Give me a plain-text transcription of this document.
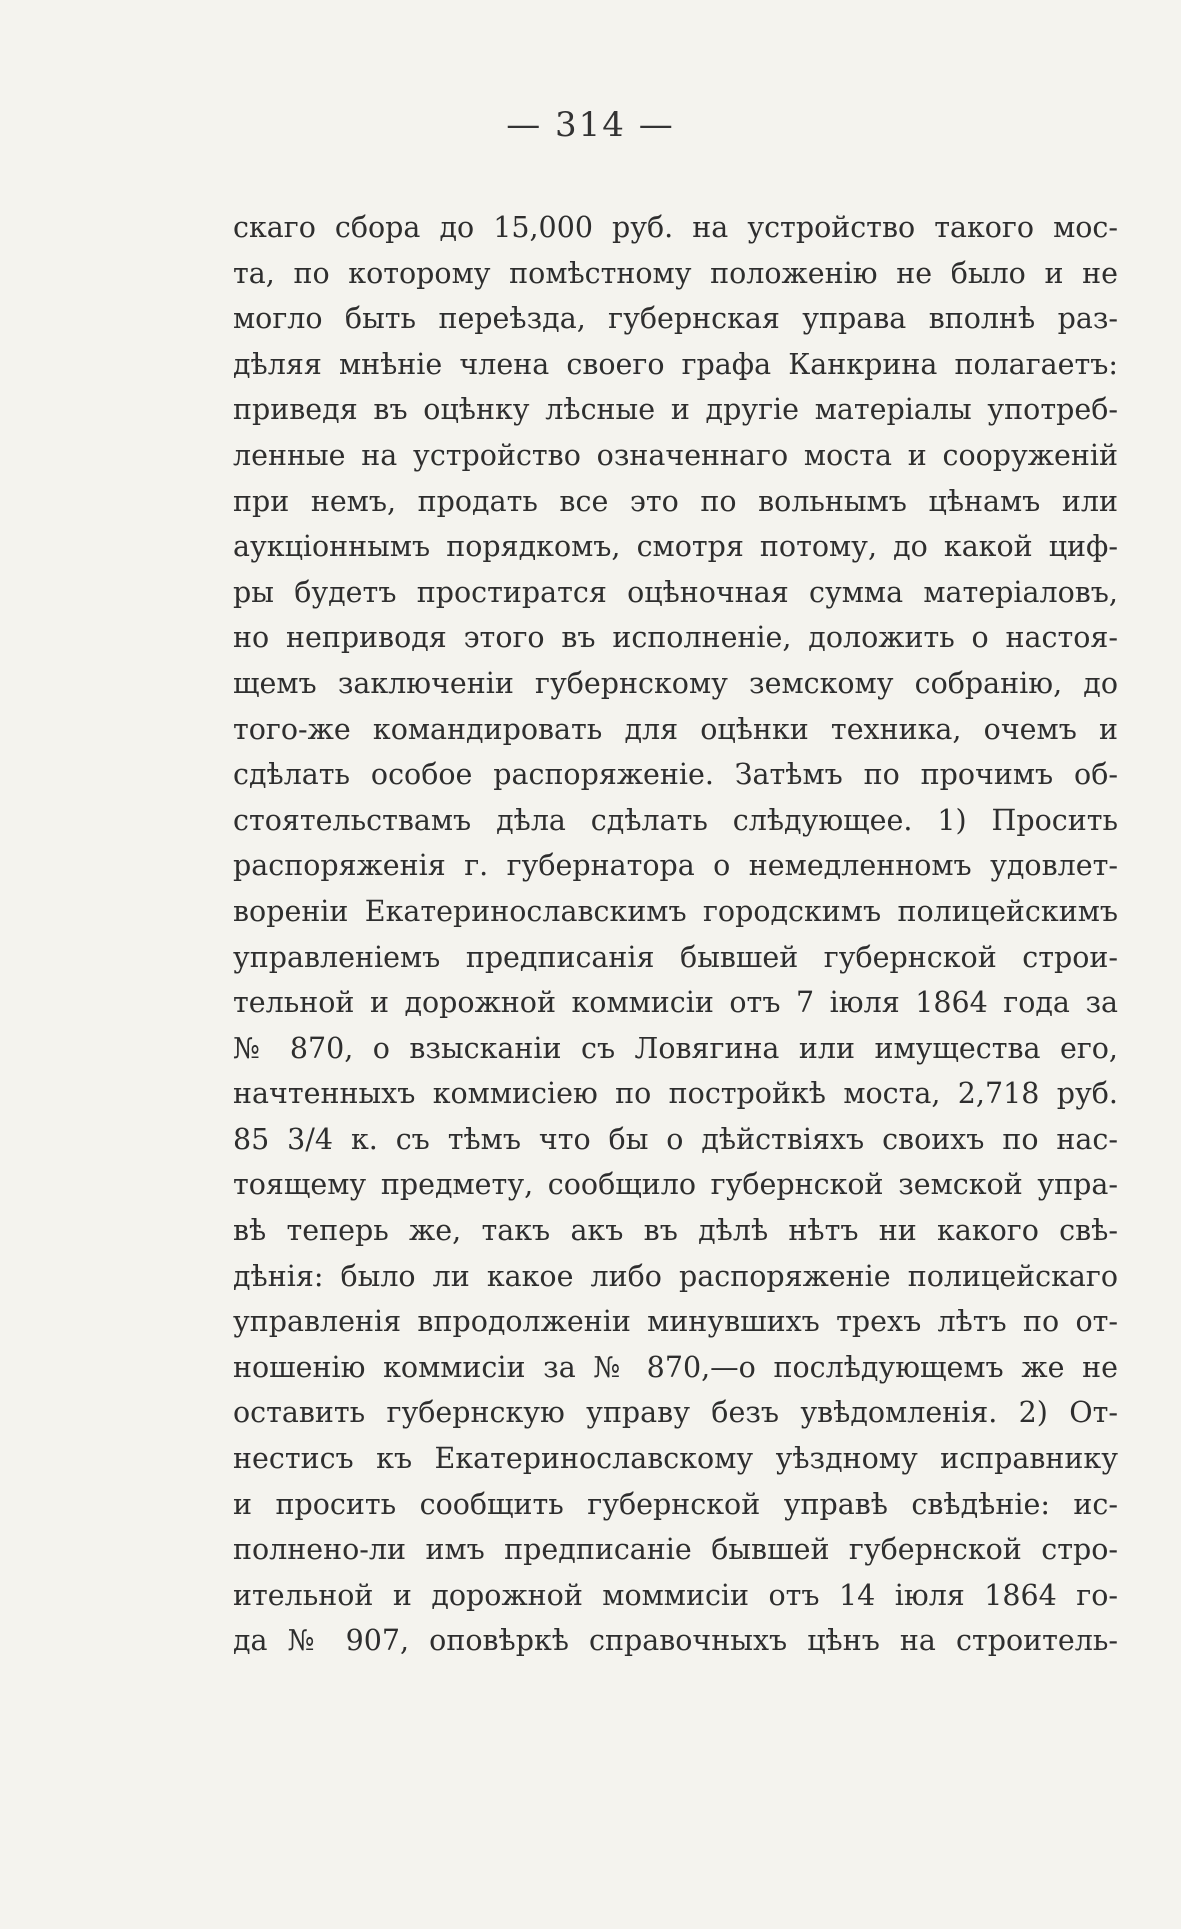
— 314 —
скаго сбора до 15,000 руб. на устройство такого мос-
та, по которому помѣстному положенію не было и не
могло быть переѣзда, губернская управа вполнѣ раз-
дѣляя мнѣніе члена своего графа Канкрина полагаетъ:
приведя въ оцѣнку лѣсные и другіе матеріалы употреб-
ленные на устройство означеннаго моста и сооруженій
при немъ, продать все это по вольнымъ цѣнамъ или
аукціоннымъ порядкомъ, смотря потому, до какой циф-
ры будетъ простиратся оцѣночная сумма матеріаловъ,
но неприводя этого въ исполненіе, доложить о настоя-
щемъ заключеніи губернскому земскому собранію, до
того-же командировать для оцѣнки техника, очемъ и
сдѣлать особое распоряженіе. Затѣмъ по прочимъ об-
стоятельствамъ дѣла сдѣлать слѣдующее. 1) Просить
распоряженія г. губернатора о немедленномъ удовлет-
вореніи Екатеринославскимъ городскимъ полицейскимъ
управленіемъ предписанія бывшей губернской строи-
тельной и дорожной коммисіи отъ 7 іюля 1864 года за
№ 870, о взысканіи съ Ловягина или имущества его,
начтенныхъ коммисіею по постройкѣ моста, 2,718 руб.
85 3/4 к. съ тѣмъ что бы о дѣйствіяхъ своихъ по нас-
тоящему предмету, сообщило губернской земской упра-
вѣ теперь же, такъ акъ въ дѣлѣ нѣтъ ни какого свѣ-
дѣнія: было ли какое либо распоряженіе полицейскаго
управленія впродолженіи минувшихъ трехъ лѣтъ по от-
ношенію коммисіи за № 870,—о послѣдующемъ же не
оставить губернскую управу безъ увѣдомленія. 2) От-
нестисъ къ Екатеринославскому уѣздному исправнику
и просить сообщить губернской управѣ свѣдѣніе: ис-
полнено-ли имъ предписаніе бывшей губернской стро-
ительной и дорожной моммисіи отъ 14 іюля 1864 го-
да № 907, оповѣркѣ справочныхъ цѣнъ на строитель-
